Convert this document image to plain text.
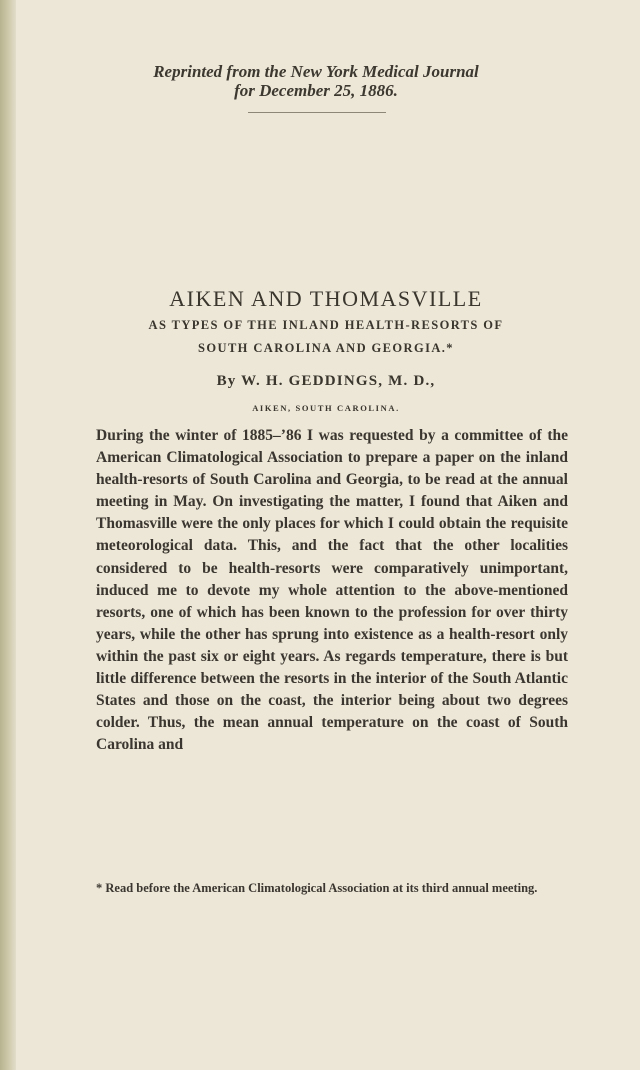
Reprinted from the New York Medical Journal
for December 25, 1886.
AIKEN AND THOMASVILLE
AS TYPES OF THE INLAND HEALTH-RESORTS OF
SOUTH CAROLINA AND GEORGIA.*
By W. H. GEDDINGS, M. D.,
AIKEN, SOUTH CAROLINA.
During the winter of 1885–’86 I was requested by a committee of the American Climatological Association to prepare a paper on the inland health-resorts of South Carolina and Georgia, to be read at the annual meeting in May. On investigating the matter, I found that Aiken and Thomasville were the only places for which I could obtain the requisite meteorological data. This, and the fact that the other localities considered to be health-resorts were comparatively unimportant, induced me to devote my whole attention to the above-mentioned resorts, one of which has been known to the profession for over thirty years, while the other has sprung into existence as a health-resort only within the past six or eight years. As regards temperature, there is but little difference between the resorts in the interior of the South Atlantic States and those on the coast, the interior being about two degrees colder. Thus, the mean annual temperature on the coast of South Carolina and
* Read before the American Climatological Association at its third annual meeting.
